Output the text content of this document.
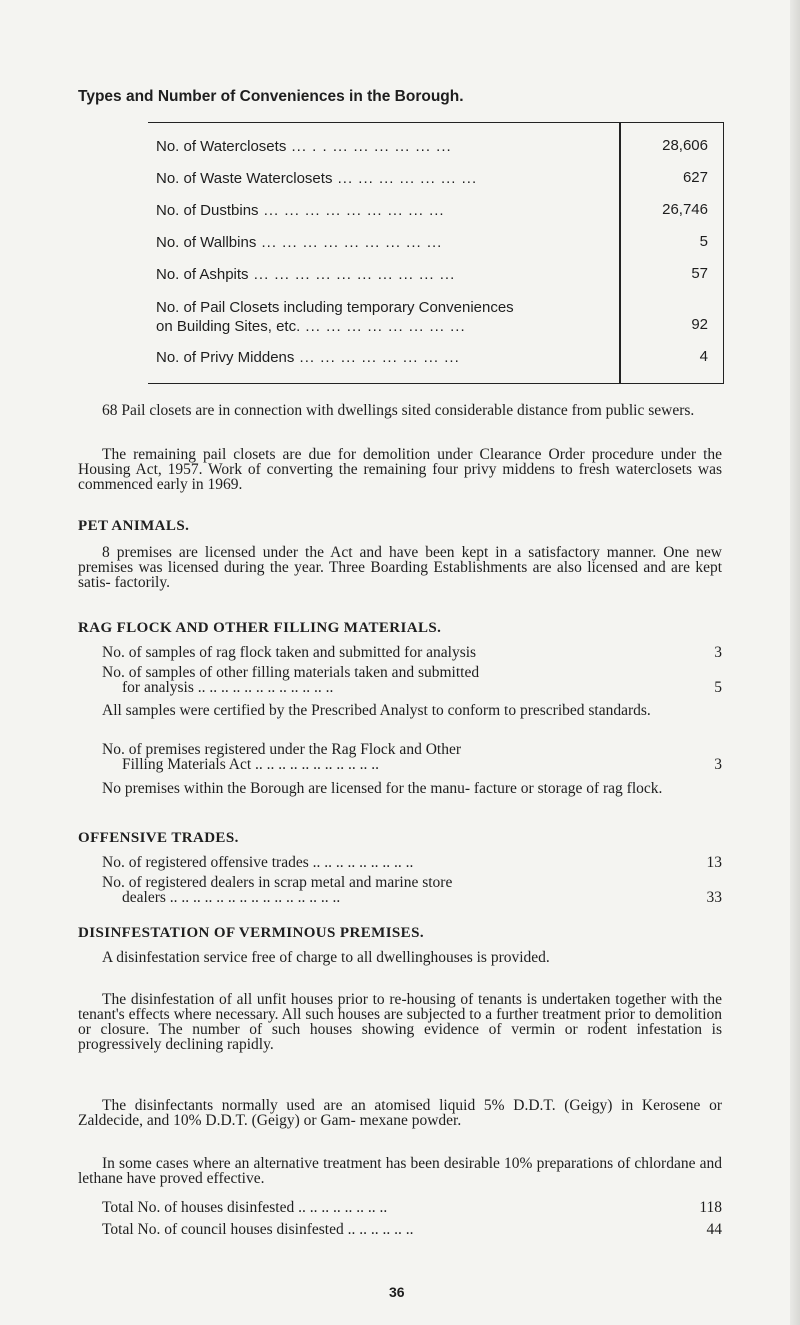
Types and Number of Conveniences in the Borough.
No. of Waterclosets ... . . ... ... ... ... ... ...	28,606
No. of Waste Waterclosets ... ... ... ... ... ... ...	627
No. of Dustbins ... ... ... ... ... ... ... ... ...	26,746
No. of Wallbins ... ... ... ... ... ... ... ... ...	5
No. of Ashpits ... ... ... ... ... ... ... ... ... ...	57
No. of Pail Closets including temporary Conveniences
on Building Sites, etc. ... ... ... ... ... ... ... ...	92
No. of Privy Middens ... ... ... ... ... ... ... ...	4
68 Pail closets are in connection with dwellings sited considerable distance from public sewers.
The remaining pail closets are due for demolition under Clearance Order procedure under the Housing Act, 1957. Work of converting the remaining four privy middens to fresh waterclosets was commenced early in 1969.
PET ANIMALS.
8 premises are licensed under the Act and have been kept in a satisfactory manner. One new premises was licensed during the year. Three Boarding Establishments are also licensed and are kept satis- factorily.
RAG FLOCK AND OTHER FILLING MATERIALS.
No. of samples of rag flock taken and submitted for analysis	3
No. of samples of other filling materials taken and submitted
for analysis .. .. .. .. .. .. .. .. .. .. .. ..	5
All samples were certified by the Prescribed Analyst to conform to prescribed standards.
No. of premises registered under the Rag Flock and Other
Filling Materials Act .. .. .. .. .. .. .. .. .. .. ..	3
No premises within the Borough are licensed for the manu- facture or storage of rag flock.
OFFENSIVE TRADES.
No. of registered offensive trades .. .. .. .. .. .. .. .. ..	13
No. of registered dealers in scrap metal and marine store
dealers .. .. .. .. .. .. .. .. .. .. .. .. .. .. ..	33
DISINFESTATION OF VERMINOUS PREMISES.
A disinfestation service free of charge to all dwellinghouses is provided.
The disinfestation of all unfit houses prior to re-housing of tenants is undertaken together with the tenant's effects where necessary. All such houses are subjected to a further treatment prior to demolition or closure. The number of such houses showing evidence of vermin or rodent infestation is progressively declining rapidly.
The disinfectants normally used are an atomised liquid 5% D.D.T. (Geigy) in Kerosene or Zaldecide, and 10% D.D.T. (Geigy) or Gam- mexane powder.
In some cases where an alternative treatment has been desirable 10% preparations of chlordane and lethane have proved effective.
Total No. of houses disinfested .. .. .. .. .. .. .. ..	118
Total No. of council houses disinfested .. .. .. .. .. ..	44
36
